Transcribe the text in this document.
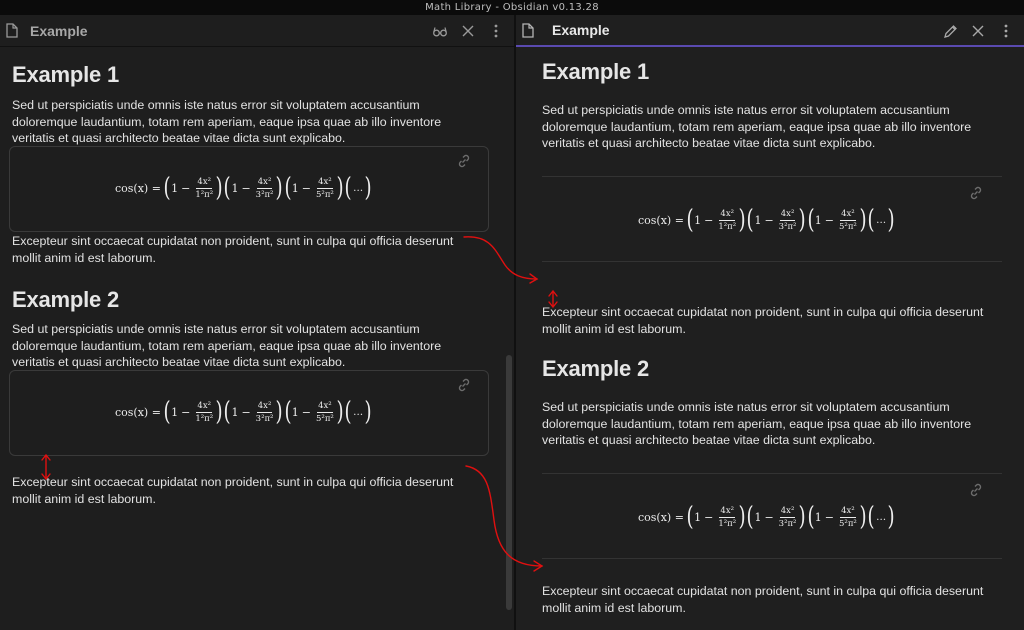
Math Library - Obsidian v0.13.28
Example
Example 1

Sed ut perspiciatis unde omnis iste natus error sit voluptatem accusantium doloremque laudantium, totam rem aperiam, eaque ipsa quae ab illo inventore veritatis et quasi architecto beatae vitae dicta sunt explicabo.

cos(x) = ( $1 - \frac{\text{4x²}}{\text{1²π²}}$ ) ( $1 - \frac{\text{4x²}}{\text{3²π²}}$ ) ( $1 - \frac{\text{4x²}}{\text{5²π²}}$ ) ( … )

Excepteur sint occaecat cupidatat non proident, sunt in culpa qui officia deserunt mollit anim id est laborum.

Example 2

Sed ut perspiciatis unde omnis iste natus error sit voluptatem accusantium doloremque laudantium, totam rem aperiam, eaque ipsa quae ab illo inventore veritatis et quasi architecto beatae vitae dicta sunt explicabo.

cos(x) = ( $1 - \frac{\text{4x²}}{\text{1²π²}}$ ) ( $1 - \frac{\text{4x²}}{\text{3²π²}}$ ) ( $1 - \frac{\text{4x²}}{\text{5²π²}}$ ) ( … )

Excepteur sint occaecat cupidatat non proident, sunt in culpa qui officia deserunt mollit anim id est laborum.

Example
Example 1

Sed ut perspiciatis unde omnis iste natus error sit voluptatem accusantium doloremque laudantium, totam rem aperiam, eaque ipsa quae ab illo inventore veritatis et quasi architecto beatae vitae dicta sunt explicabo.

cos(x) = ( $1 - \frac{\text{4x²}}{\text{1²π²}}$ ) ( $1 - \frac{\text{4x²}}{\text{3²π²}}$ ) ( $1 - \frac{\text{4x²}}{\text{5²π²}}$ ) ( … )

Excepteur sint occaecat cupidatat non proident, sunt in culpa qui officia deserunt mollit anim id est laborum.

Example 2

Sed ut perspiciatis unde omnis iste natus error sit voluptatem accusantium doloremque laudantium, totam rem aperiam, eaque ipsa quae ab illo inventore veritatis et quasi architecto beatae vitae dicta sunt explicabo.

cos(x) = ( $1 - \frac{\text{4x²}}{\text{1²π²}}$ ) ( $1 - \frac{\text{4x²}}{\text{3²π²}}$ ) ( $1 - \frac{\text{4x²}}{\text{5²π²}}$ ) ( … )

Excepteur sint occaecat cupidatat non proident, sunt in culpa qui officia deserunt mollit anim id est laborum.
